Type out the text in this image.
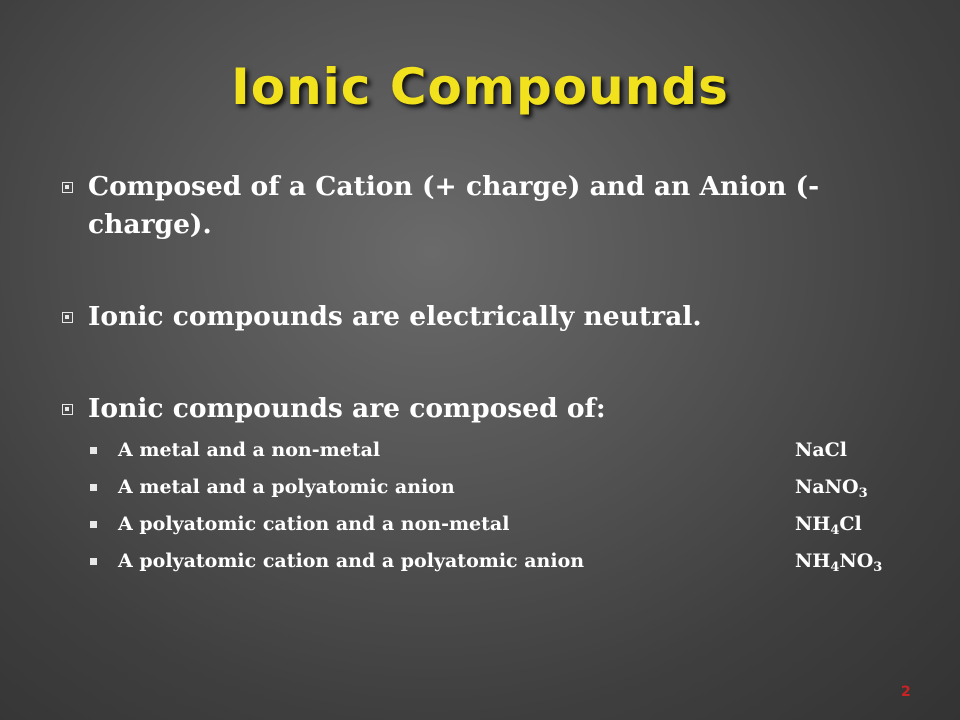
Ionic Compounds
Composed of a Cation (+ charge) and an Anion (- charge).
Ionic compounds are electrically neutral.
Ionic compounds are composed of:
A metal and a non-metal	NaCl
A metal and a polyatomic anion	NaNO$_3$
A polyatomic cation and a non-metal	$NH_4Cl$
A polyatomic cation and a polyatomic anion	$NH_4NO_3$
2
